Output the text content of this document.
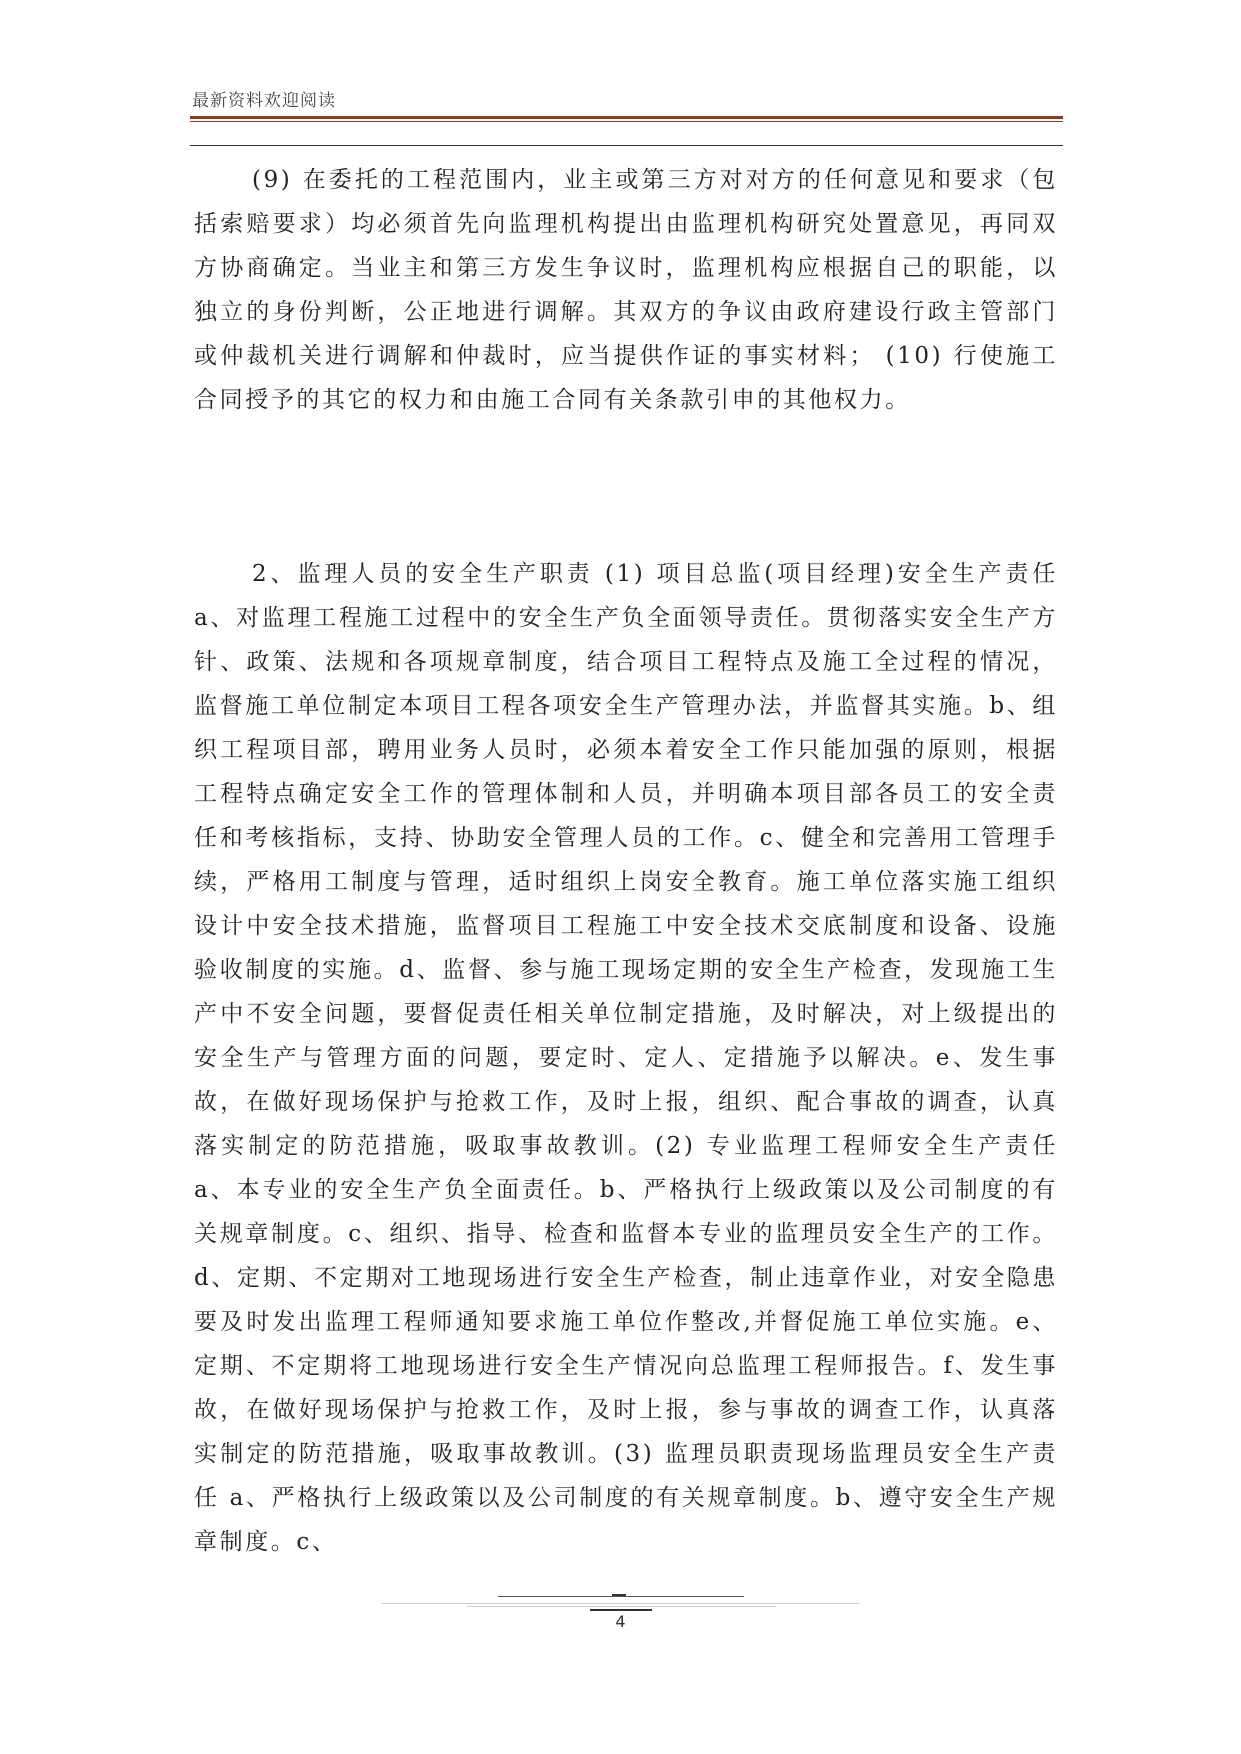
最新资料欢迎阅读

(9) 在委托的工程范围内，业主或第三方对对方的任何意见和要求（包括索赔要求）均必须首先向监理机构提出由监理机构研究处置意见，再同双方协商确定。当业主和第三方发生争议时，监理机构应根据自己的职能，以独立的身份判断，公正地进行调解。其双方的争议由政府建设行政主管部门或仲裁机关进行调解和仲裁时，应当提供作证的事实材料； (10) 行使施工合同授予的其它的权力和由施工合同有关条款引申的其他权力。

2、监理人员的安全生产职责 (1) 项目总监(项目经理)安全生产责任 a、对监理工程施工过程中的安全生产负全面领导责任。贯彻落实安全生产方针、政策、法规和各项规章制度，结合项目工程特点及施工全过程的情况，监督施工单位制定本项目工程各项安全生产管理办法，并监督其实施。b、组织工程项目部，聘用业务人员时，必须本着安全工作只能加强的原则，根据工程特点确定安全工作的管理体制和人员，并明确本项目部各员工的安全责任和考核指标，支持、协助安全管理人员的工作。c、健全和完善用工管理手续，严格用工制度与管理，适时组织上岗安全教育。施工单位落实施工组织设计中安全技术措施，监督项目工程施工中安全技术交底制度和设备、设施验收制度的实施。d、监督、参与施工现场定期的安全生产检查，发现施工生产中不安全问题，要督促责任相关单位制定措施，及时解决，对上级提出的安全生产与管理方面的问题，要定时、定人、定措施予以解决。e、发生事故，在做好现场保护与抢救工作，及时上报，组织、配合事故的调查，认真落实制定的防范措施，吸取事故教训。(2) 专业监理工程师安全生产责任 a、本专业的安全生产负全面责任。b、严格执行上级政策以及公司制度的有关规章制度。c、组织、指导、检查和监督本专业的监理员安全生产的工作。d、定期、不定期对工地现场进行安全生产检查，制止违章作业，对安全隐患要及时发出监理工程师通知要求施工单位作整改,并督促施工单位实施。e、定期、不定期将工地现场进行安全生产情况向总监理工程师报告。f、发生事故，在做好现场保护与抢救工作，及时上报，参与事故的调查工作，认真落实制定的防范措施，吸取事故教训。(3) 监理员职责现场监理员安全生产责任 a、严格执行上级政策以及公司制度的有关规章制度。b、遵守安全生产规章制度。c、

4
